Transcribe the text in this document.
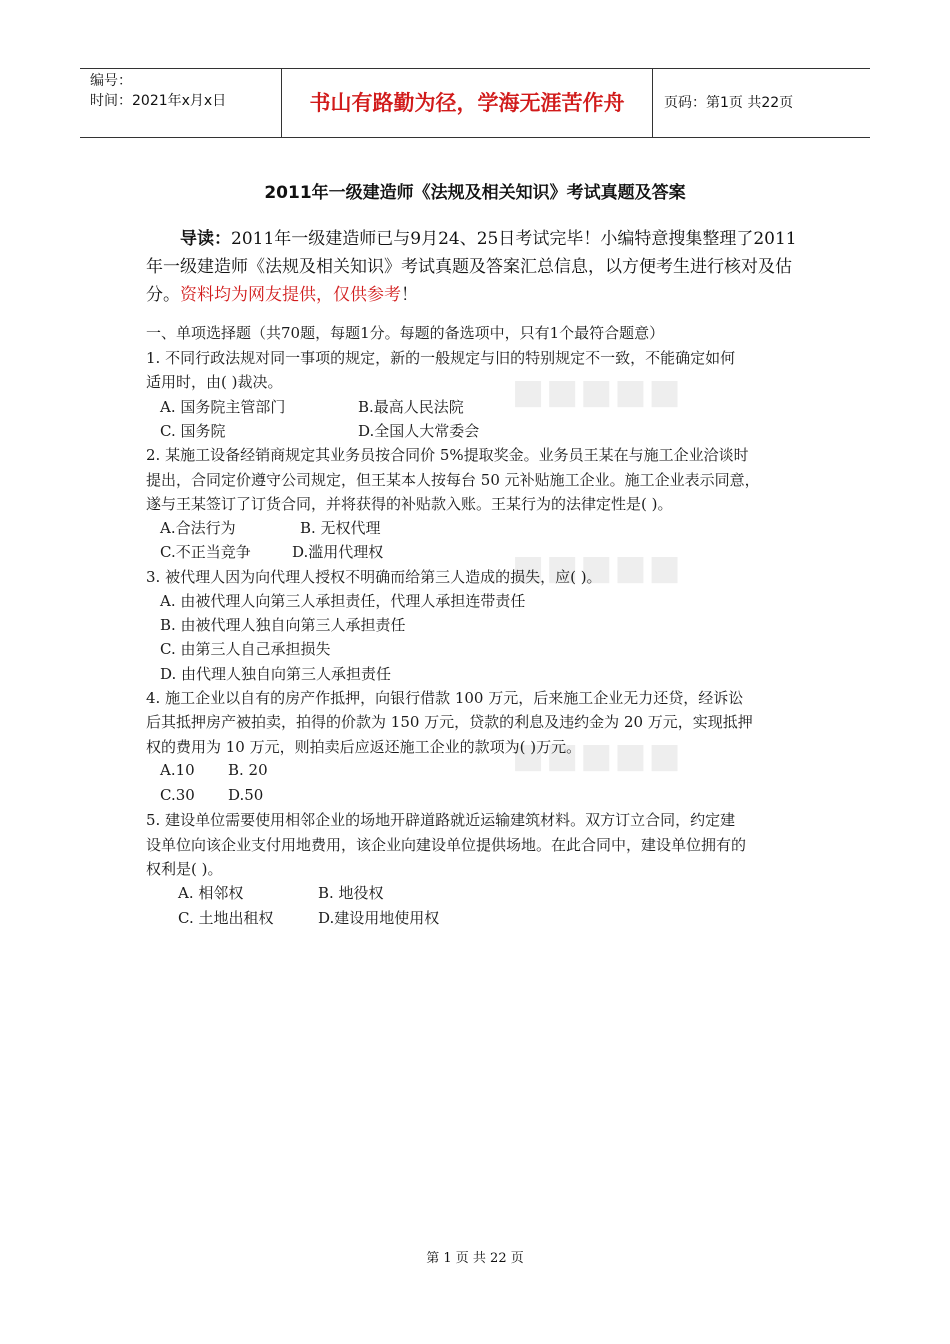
编号：
时间：2021年x月x日	书山有路勤为径，学海无涯苦作舟	页码：第1页 共22页
■■■■■
■■■■■
■■■■■
2011年一级建造师《法规及相关知识》考试真题及答案
导读：2011年一级建造师已与9月24、25日考试完毕！小编特意搜集整理了2011年一级建造师《法规及相关知识》考试真题及答案汇总信息，以方便考生进行核对及估分。资料均为网友提供，仅供参考！
一、单项选择题（共70题，每题1分。每题的备选项中，只有1个最符合题意）
1. 不同行政法规对同一事项的规定，新的一般规定与旧的特别规定不一致，不能确定如何
适用时，由( )裁决。
A. 国务院主管部门	B.最高人民法院
C. 国务院	D.全国人大常委会
2. 某施工设备经销商规定其业务员按合同价 5%提取奖金。业务员王某在与施工企业洽谈时
提出，合同定价遵守公司规定，但王某本人按每台 50 元补贴施工企业。施工企业表示同意，
遂与王某签订了订货合同，并将获得的补贴款入账。王某行为的法律定性是( )。
A.合法行为	B. 无权代理
C.不正当竞争	D.滥用代理权
3. 被代理人因为向代理人授权不明确而给第三人造成的损失，应( )。
A. 由被代理人向第三人承担责任，代理人承担连带责任
B. 由被代理人独自向第三人承担责任
C. 由第三人自己承担损失
D. 由代理人独自向第三人承担责任
4. 施工企业以自有的房产作抵押，向银行借款 100 万元，后来施工企业无力还贷，经诉讼
后其抵押房产被拍卖，拍得的价款为 150 万元，贷款的利息及违约金为 20 万元，实现抵押
权的费用为 10 万元，则拍卖后应返还施工企业的款项为( )万元。
A.10 B. 20
C.30 D.50
5. 建设单位需要使用相邻企业的场地开辟道路就近运输建筑材料。双方订立合同，约定建
设单位向该企业支付用地费用，该企业向建设单位提供场地。在此合同中，建设单位拥有的
权利是( )。
A. 相邻权	B. 地役权
C. 土地出租权	D.建设用地使用权
第 1 页 共 22 页
